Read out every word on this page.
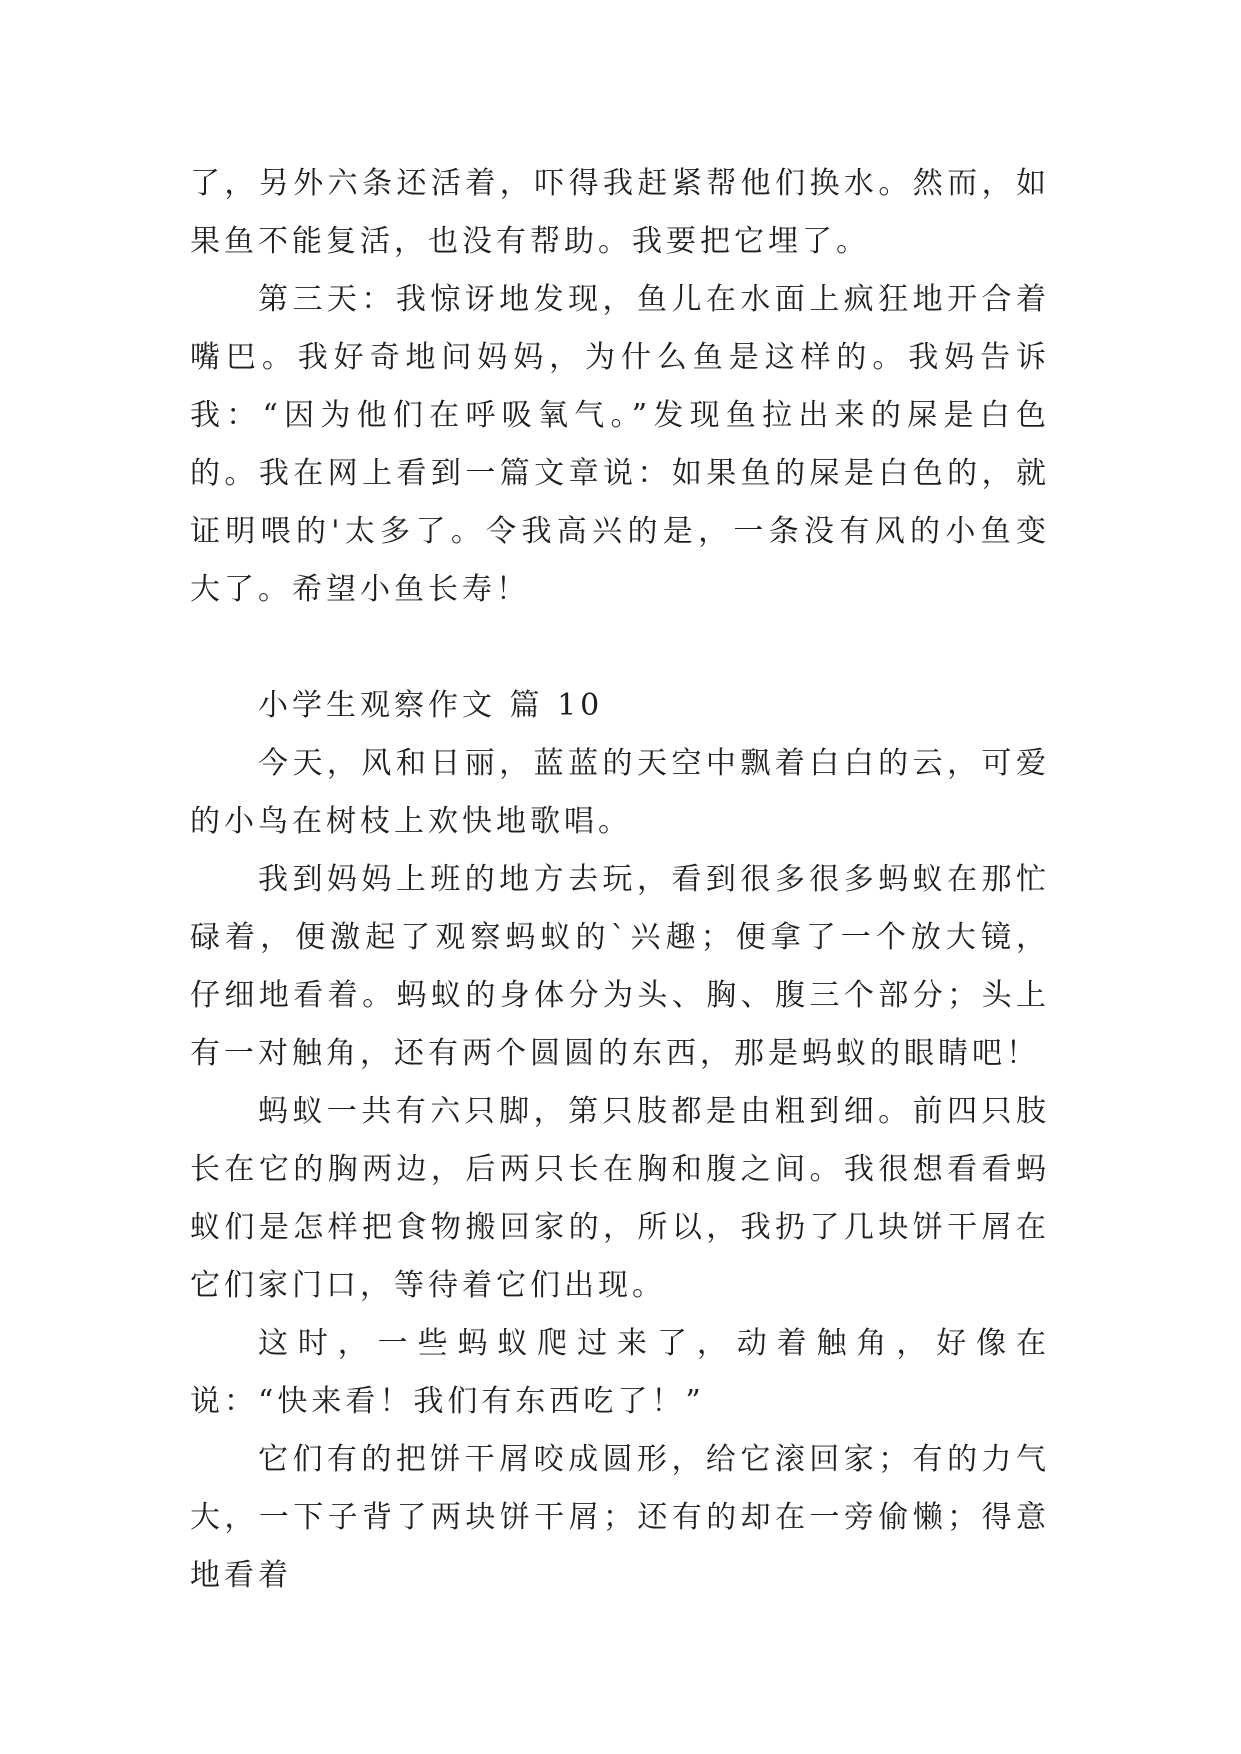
了，另外六条还活着，吓得我赶紧帮他们换水。然而，如果鱼不能复活，也没有帮助。我要把它埋了。

第三天：我惊讶地发现，鱼儿在水面上疯狂地开合着嘴巴。我好奇地问妈妈，为什么鱼是这样的。我妈告诉我：“因为他们在呼吸氧气。”发现鱼拉出来的屎是白色的。我在网上看到一篇文章说：如果鱼的屎是白色的，就证明喂的'太多了。令我高兴的是，一条没有风的小鱼变大了。希望小鱼长寿！

小学生观察作文 篇 10

今天，风和日丽，蓝蓝的天空中飘着白白的云，可爱的小鸟在树枝上欢快地歌唱。

我到妈妈上班的地方去玩，看到很多很多蚂蚁在那忙碌着，便激起了观察蚂蚁的`兴趣；便拿了一个放大镜，仔细地看着。蚂蚁的身体分为头、胸、腹三个部分；头上有一对触角，还有两个圆圆的东西，那是蚂蚁的眼睛吧！

蚂蚁一共有六只脚，第只肢都是由粗到细。前四只肢长在它的胸两边，后两只长在胸和腹之间。我很想看看蚂蚁们是怎样把食物搬回家的，所以，我扔了几块饼干屑在它们家门口，等待着它们出现。

这时，一些蚂蚁爬过来了，动着触角，好像在说：“快来看！我们有东西吃了！”

它们有的把饼干屑咬成圆形，给它滚回家；有的力气大，一下子背了两块饼干屑；还有的却在一旁偷懒；得意地看着
